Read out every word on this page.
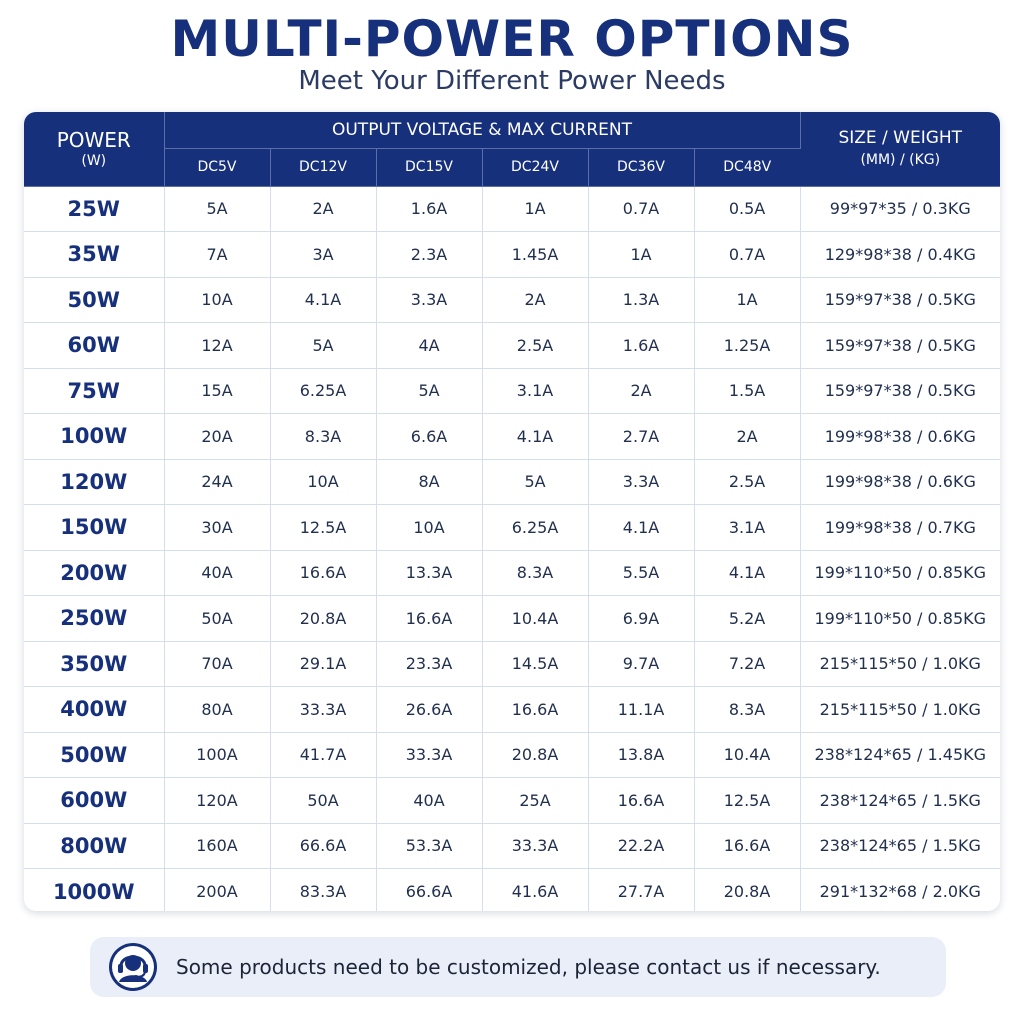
MULTI-POWER OPTIONS
Meet Your Different Power Needs
POWER
(W)	OUTPUT VOLTAGE & MAX CURRENT						SIZE / WEIGHT
(MM) / (KG)

	DC5V	DC12V	DC15V	DC24V	DC36V	DC48V	
25W	5A	2A	1.6A	1A	0.7A	0.5A	99*97*35 / 0.3KG
35W	7A	3A	2.3A	1.45A	1A	0.7A	129*98*38 / 0.4KG
50W	10A	4.1A	3.3A	2A	1.3A	1A	159*97*38 / 0.5KG
60W	12A	5A	4A	2.5A	1.6A	1.25A	159*97*38 / 0.5KG
75W	15A	6.25A	5A	3.1A	2A	1.5A	159*97*38 / 0.5KG
100W	20A	8.3A	6.6A	4.1A	2.7A	2A	199*98*38 / 0.6KG
120W	24A	10A	8A	5A	3.3A	2.5A	199*98*38 / 0.6KG
150W	30A	12.5A	10A	6.25A	4.1A	3.1A	199*98*38 / 0.7KG
200W	40A	16.6A	13.3A	8.3A	5.5A	4.1A	199*110*50 / 0.85KG
250W	50A	20.8A	16.6A	10.4A	6.9A	5.2A	199*110*50 / 0.85KG
350W	70A	29.1A	23.3A	14.5A	9.7A	7.2A	215*115*50 / 1.0KG
400W	80A	33.3A	26.6A	16.6A	11.1A	8.3A	215*115*50 / 1.0KG
500W	100A	41.7A	33.3A	20.8A	13.8A	10.4A	238*124*65 / 1.45KG
600W	120A	50A	40A	25A	16.6A	12.5A	238*124*65 / 1.5KG
800W	160A	66.6A	53.3A	33.3A	22.2A	16.6A	238*124*65 / 1.5KG
1000W	200A	83.3A	66.6A	41.6A	27.7A	20.8A	291*132*68 / 2.0KG
Some products need to be customized, please contact us if necessary.
